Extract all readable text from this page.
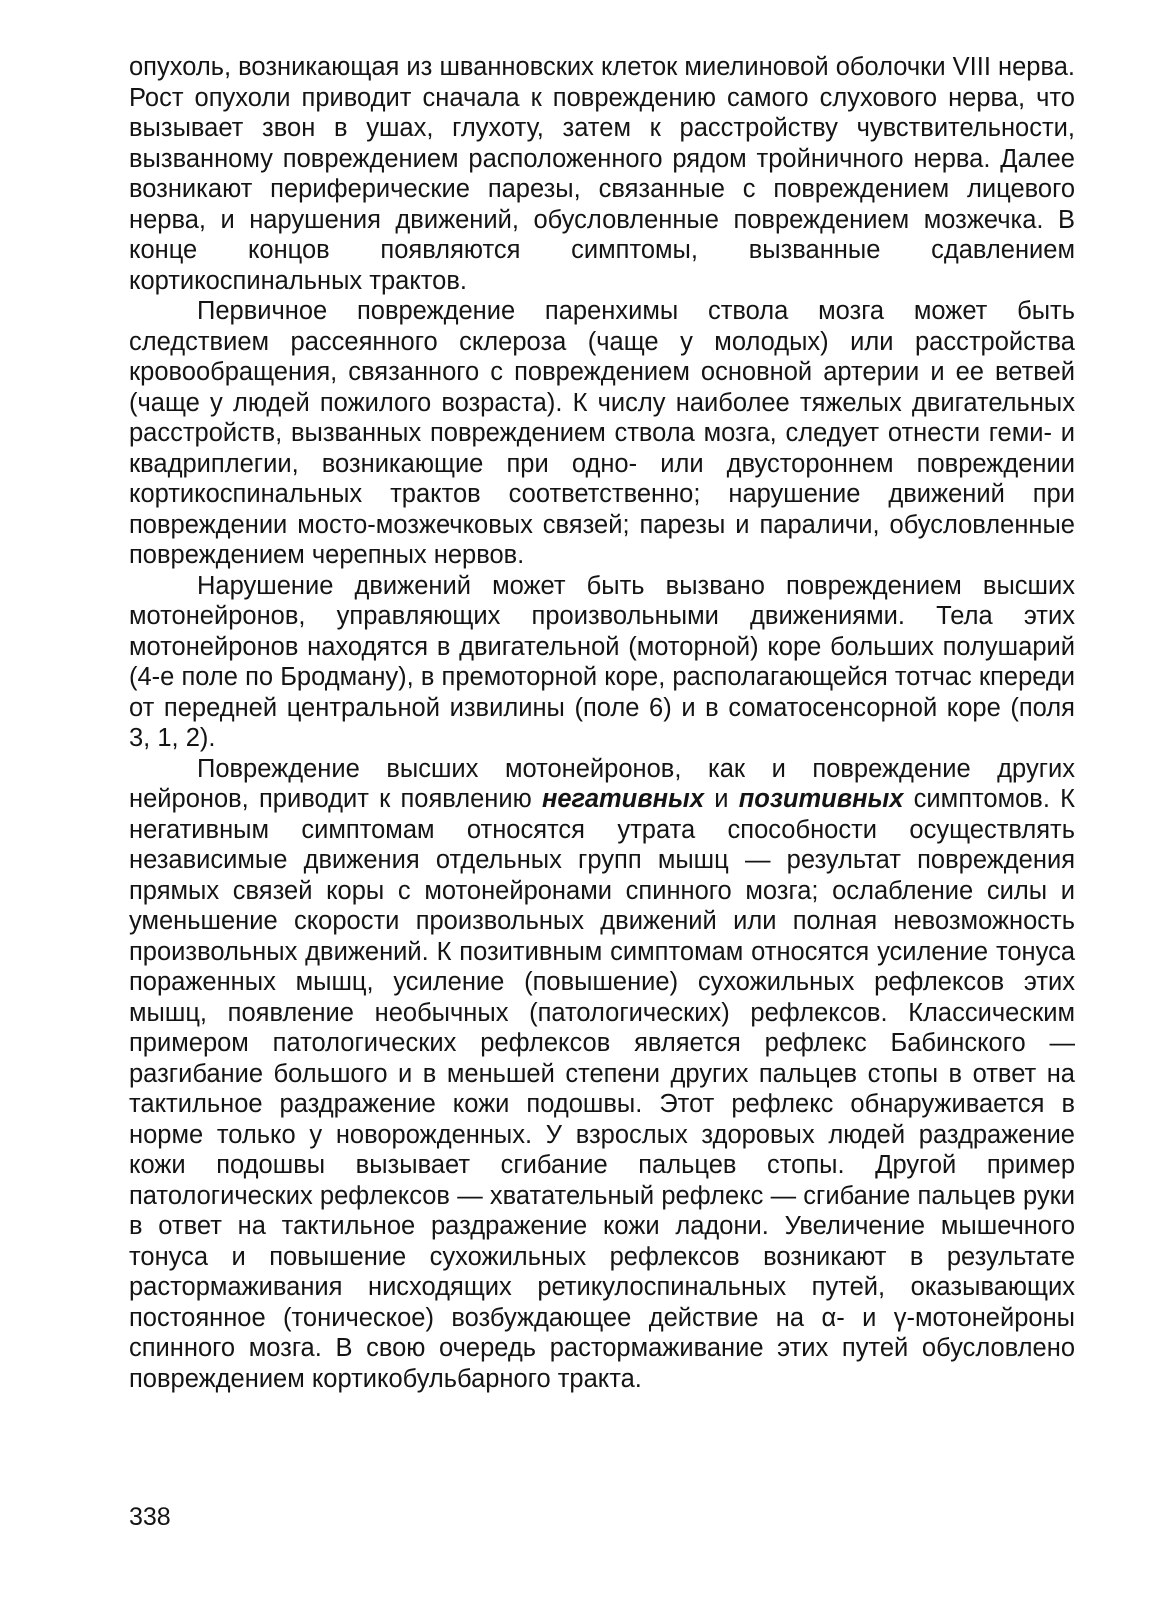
опухоль, возникающая из шванновских клеток миелиновой оболочки VIII нерва. Рост опухоли приводит сначала к повреждению самого слухового нерва, что вызывает звон в ушах, глухоту, затем к расстройству чувствительности, вызванному повреждением расположенного рядом тройничного нерва. Далее возникают периферические парезы, связанные с повреждением лицевого нерва, и нарушения движений, обусловленные повреждением мозжечка. В конце концов появляются симптомы, вызванные сдавлением кортикоспинальных трактов.

Первичное повреждение паренхимы ствола мозга может быть следствием рассеянного склероза (чаще у молодых) или расстройства кровообращения, связанного с повреждением основной артерии и ее ветвей (чаще у людей пожилого возраста). К числу наиболее тяжелых двигательных расстройств, вызванных повреждением ствола мозга, следует отнести геми- и квадриплегии, возникающие при одно- или двустороннем повреждении кортикоспинальных трактов соответственно; нарушение движений при повреждении мосто-мозжечковых связей; парезы и параличи, обусловленные повреждением черепных нервов.

Нарушение движений может быть вызвано повреждением высших мотонейронов, управляющих произвольными движениями. Тела этих мотонейронов находятся в двигательной (моторной) коре больших полушарий (4-е поле по Бродману), в премоторной коре, располагающейся тотчас кпереди от передней центральной извилины (поле 6) и в соматосенсорной коре (поля 3, 1, 2).

Повреждение высших мотонейронов, как и повреждение других нейронов, приводит к появлению негативных и позитивных симптомов. К негативным симптомам относятся утрата способности осуществлять независимые движения отдельных групп мышц — результат повреждения прямых связей коры с мотонейронами спинного мозга; ослабление силы и уменьшение скорости произвольных движений или полная невозможность произвольных движений. К позитивным симптомам относятся усиление тонуса пораженных мышц, усиление (повышение) сухожильных рефлексов этих мышц, появление необычных (патологических) рефлексов. Классическим примером патологических рефлексов является рефлекс Бабинского — разгибание большого и в меньшей степени других пальцев стопы в ответ на тактильное раздражение кожи подошвы. Этот рефлекс обнаруживается в норме только у новорожденных. У взрослых здоровых людей раздражение кожи подошвы вызывает сгибание пальцев стопы. Другой пример патологических рефлексов — хватательный рефлекс — сгибание пальцев руки в ответ на тактильное раздражение кожи ладони. Увеличение мышечного тонуса и повышение сухожильных рефлексов возникают в результате растормаживания нисходящих ретикулоспинальных путей, оказывающих постоянное (тоническое) возбуждающее действие на α- и γ-мотонейроны спинного мозга. В свою очередь растормаживание этих путей обусловлено повреждением кортикобульбарного тракта.

338
